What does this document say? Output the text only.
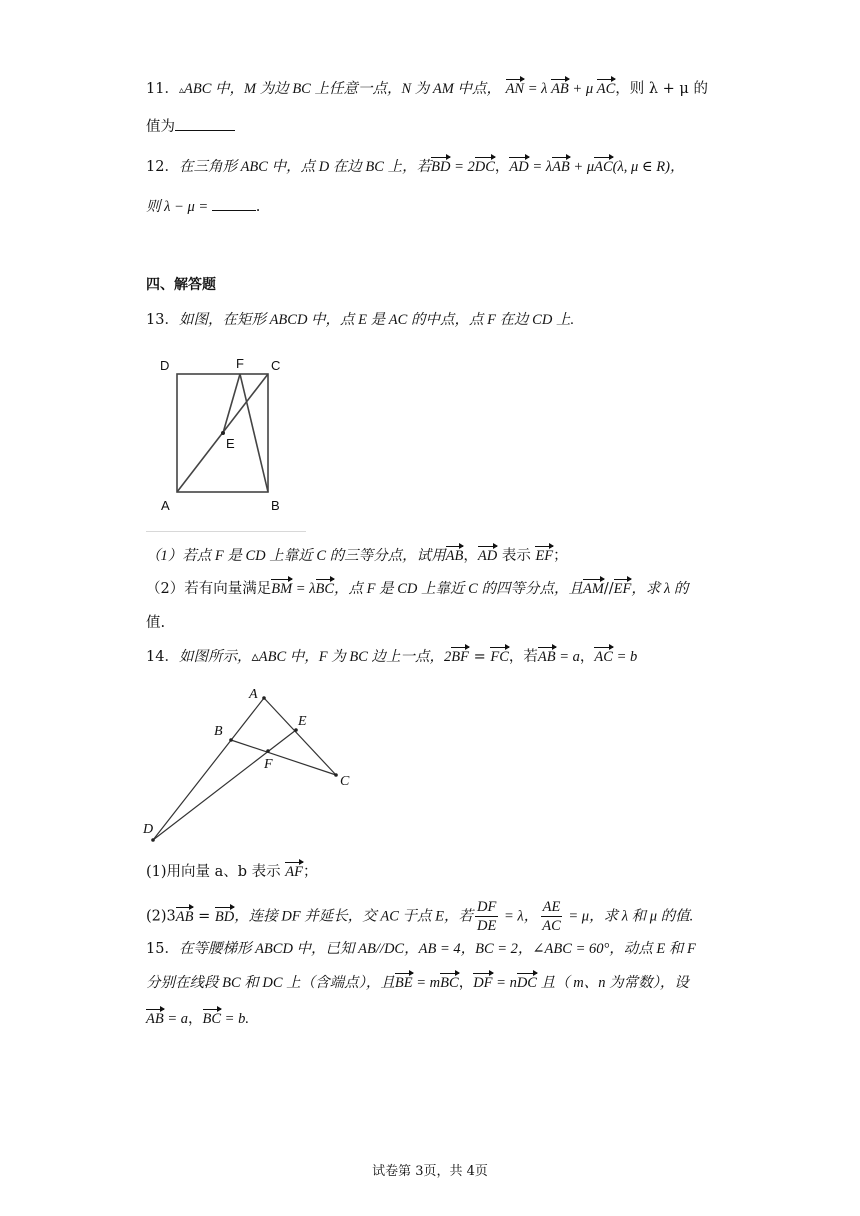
11．▵ABC 中，M 为边 BC 上任意一点，N 为 AM 中点， AN = λ AB + μ AC，则 λ + μ 的
值为
12．在三角形 ABC 中，点 D 在边 BC 上，若BD = 2DC，AD = λAB + μAC(λ, μ ∈ R)，
则 λ − μ =	.
四、解答题
13．如图，在矩形 ABCD 中，点 E 是 AC 的中点，点 F 在边 CD 上.
D	F C
E
A	B
（1）若点 F 是 CD 上靠近 C 的三等分点，试用AB，AD 表示 EF；
（2）若有向量满足BM = λBC，点 F 是 CD 上靠近 C 的四等分点，且AM//EF，求 λ 的
值.
14．如图所示，▵ABC 中，F 为 BC 边上一点，2BF = FC，若AB = a，AC = b
A
B
E
F
C
D
(1)用向量 a、b 表示 AF；
(2)3AB = BD，连接 DF 并延长，交 AC 于点 E，若 $\frac{DF}{DE} = \lambda$， $\frac{AE}{AC} = \mu$，求 λ 和 μ 的值.
15．在等腰梯形 ABCD 中，已知 AB//DC，AB = 4，BC = 2，∠ABC = 60°，动点 E 和 F
分别在线段 BC 和 DC 上（含端点），且BE = mBC，DF = nDC 且（ m、n 为常数），设
AB = a，BC = b.
试卷第 3页，共 4页
